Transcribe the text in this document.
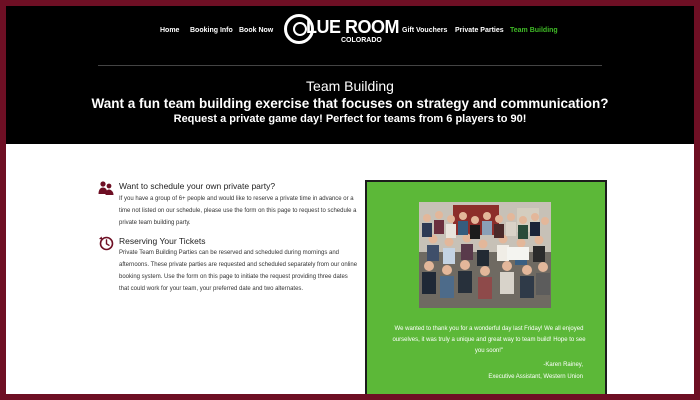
Home Booking Info Book Now LUE ROOM
COLORADO
Gift Vouchers Private Parties Team Building
Team Building
Want a fun team building exercise that focuses on strategy and communication?
Request a private game day! Perfect for teams from 6 players to 90!
Want to schedule your own private party?
If you have a group of 6+ people and would like to reserve a private time in advance or a time not listed on our schedule, please use the form on this page to request to schedule a private team building party.
Reserving Your Tickets
Private Team Building Parties can be reserved and scheduled during mornings and afternoons. These private parties are requested and scheduled separately from our online booking system. Use the form on this page to initiate the request providing three dates that could work for your team, your preferred date and two alternates.
We wanted to thank you for a wonderful day last Friday! We all enjoyed ourselves, it was truly a unique and great way to team build! Hope to see you soon!"
-Karen Rainey,
Executive Assistant, Western Union
